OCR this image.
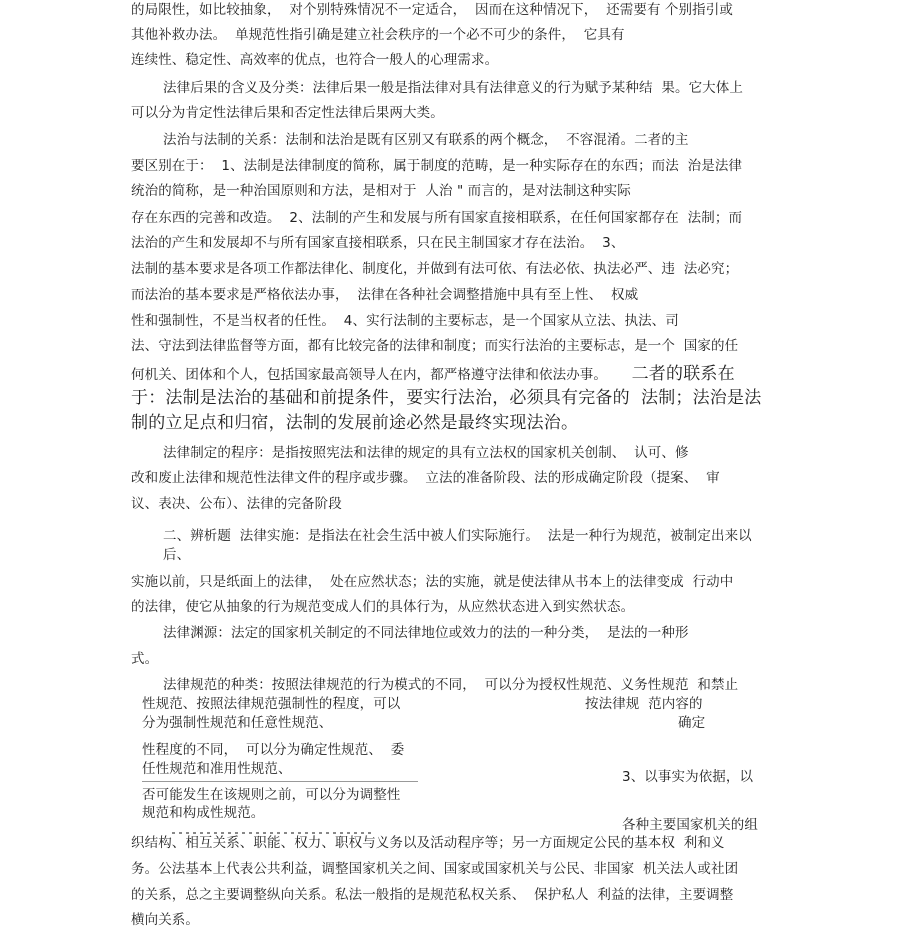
的局限性，如比较抽象，  对个别特殊情况不一定适合，  因而在这种情况下，  还需要有 个别指引或
其他补救办法。  单规范性指引确是建立社会秩序的一个必不可少的条件，  它具有
连续性、稳定性、高效率的优点，也符合一般人的心理需求。
法律后果的含义及分类：法律后果一般是指法律对具有法律意义的行为赋予某种结  果。它大体上
可以分为肯定性法律后果和否定性法律后果两大类。
法治与法制的关系：法制和法治是既有区别又有联系的两个概念，  不容混淆。二者的主
要区别在于：  1、法制是法律制度的简称，属于制度的范畴，是一种实际存在的东西；而法  治是法律
统治的简称，是一种治国原则和方法，是相对于  人治 " 而言的，是对法制这种实际
存在东西的完善和改造。  2、法制的产生和发展与所有国家直接相联系，在任何国家都存在  法制；而
法治的产生和发展却不与所有国家直接相联系，只在民主制国家才存在法治。  3、
法制的基本要求是各项工作都法律化、制度化，并做到有法可依、有法必依、执法必严、违  法必究；
而法治的基本要求是严格依法办事，  法律在各种社会调整措施中具有至上性、  权威
性和强制性，不是当权者的任性。  4、实行法制的主要标志，是一个国家从立法、执法、司
法、守法到法律监督等方面，都有比较完备的法律和制度；而实行法治的主要标志，是一个  国家的任
何机关、团体和个人，包括国家最高领导人在内，都严格遵守法律和依法办事。 二者的联系在
于：法制是法治的基础和前提条件，要实行法治，必须具有完备的  法制；法治是法
制的立足点和归宿，法制的发展前途必然是最终实现法治。
法律制定的程序：是指按照宪法和法律的规定的具有立法权的国家机关创制、  认可、修
改和废止法律和规范性法律文件的程序或步骤。  立法的准备阶段、法的形成确定阶段（提案、  审
议、表决、公布）、法律的完备阶段
二、辨析题  法律实施：是指法在社会生活中被人们实际施行。  法是一种行为规范，被制定出来以
后、
实施以前，只是纸面上的法律，  处在应然状态；法的实施，就是使法律从书本上的法律变成  行动中
的法律，使它从抽象的行为规范变成人们的具体行为，从应然状态进入到实然状态。
法律渊源：法定的国家机关制定的不同法律地位或效力的法的一种分类，  是法的一种形
式。
法律规范的种类：按照法律规范的行为模式的不同，  可以分为授权性规范、义务性规范  和禁止
性规范、按照法律规范强制性的程度，可以	按法律规  范内容的
分为强制性规范和任意性规范、	确定
性程度的不同，  可以分为确定性规范、  委
任性规范和准用性规范、	3、以事实为依据，以
否可能发生在该规则之前，可以分为调整性
规范和构成性规范。
各种主要国家机关的组
织结构、相互关系、职能、权力、职权与义务以及活动程序等；另一方面规定公民的基本权  利和义
务。公法基本上代表公共利益，调整国家机关之间、国家或国家机关与公民、非国家  机关法人或社团
的关系，总之主要调整纵向关系。私法一般指的是规范私权关系、  保护私人  利益的法律，主要调整
横向关系。
